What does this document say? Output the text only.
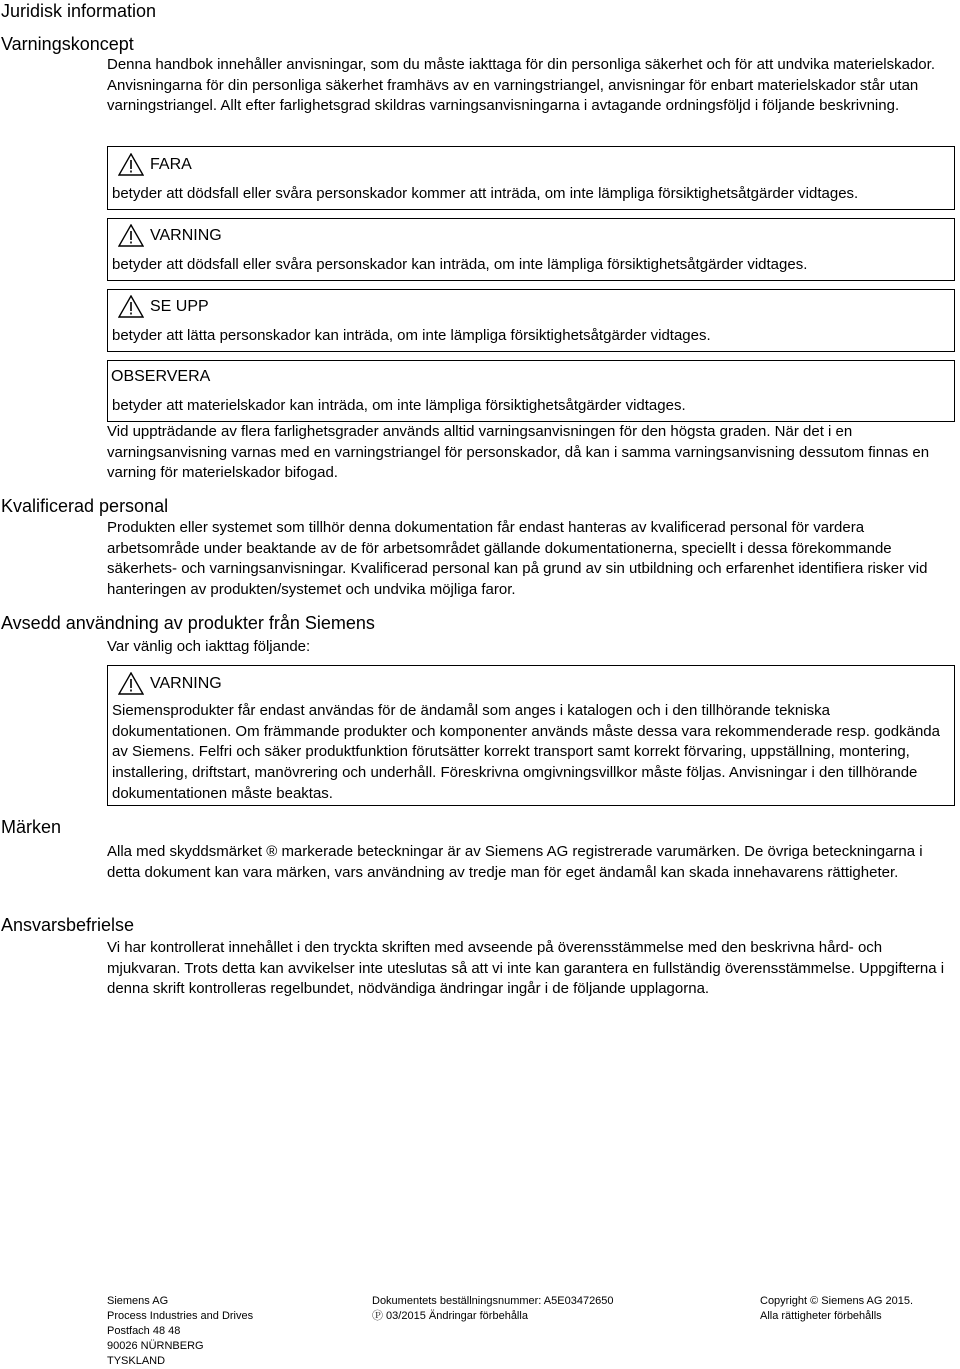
Juridisk information
Varningskoncept
Denna handbok innehåller anvisningar, som du måste iakttaga för din personliga säkerhet och för att undvika materielskador. Anvisningarna för din personliga säkerhet framhävs av en varningstriangel, anvisningar för enbart materielskador står utan varningstriangel. Allt efter farlighetsgrad skildras varningsanvisningarna i avtagande ordningsföljd i följande beskrivning.
FARA
betyder att dödsfall eller svåra personskador kommer att inträda, om inte lämpliga försiktighetsåtgärder vidtages.
VARNING
betyder att dödsfall eller svåra personskador kan inträda, om inte lämpliga försiktighetsåtgärder vidtages.
SE UPP
betyder att lätta personskador kan inträda, om inte lämpliga försiktighetsåtgärder vidtages.
OBSERVERA
betyder att materielskador kan inträda, om inte lämpliga försiktighetsåtgärder vidtages.
Vid uppträdande av flera farlighetsgrader används alltid varningsanvisningen för den högsta graden. När det i en varningsanvisning varnas med en varningstriangel för personskador, då kan i samma varningsanvisning dessutom finnas en varning för materielskador bifogad.
Kvalificerad personal
Produkten eller systemet som tillhör denna dokumentation får endast hanteras av kvalificerad personal för vardera arbetsområde under beaktande av de för arbetsområdet gällande dokumentationerna, speciellt i dessa förekommande säkerhets- och varningsanvisningar. Kvalificerad personal kan på grund av sin utbildning och erfarenhet identifiera risker vid hanteringen av produkten/systemet och undvika möjliga faror.
Avsedd användning av produkter från Siemens
Var vänlig och iakttag följande:
VARNING
Siemensprodukter får endast användas för de ändamål som anges i katalogen och i den tillhörande tekniska dokumentationen. Om främmande produkter och komponenter används måste dessa vara rekommenderade resp. godkända av Siemens. Felfri och säker produktfunktion förutsätter korrekt transport samt korrekt förvaring, uppställning, montering, installering, driftstart, manövrering och underhåll. Föreskrivna omgivningsvillkor måste följas. Anvisningar i den tillhörande dokumentationen måste beaktas.
Märken
Alla med skyddsmärket ® markerade beteckningar är av Siemens AG registrerade varumärken. De övriga beteckningarna i detta dokument kan vara märken, vars användning av tredje man för eget ändamål kan skada innehavarens rättigheter.
Ansvarsbefrielse
Vi har kontrollerat innehållet i den tryckta skriften med avseende på överensstämmelse med den beskrivna hård- och mjukvaran. Trots detta kan avvikelser inte uteslutas så att vi inte kan garantera en fullständig överensstämmelse. Uppgifterna i denna skrift kontrolleras regelbundet, nödvändiga ändringar ingår i de följande upplagorna.
Siemens AG
Process Industries and Drives
Postfach 48 48
90026 NÜRNBERG
TYSKLAND
Dokumentets beställningsnummer: A5E03472650
Ⓟ 03/2015 Ändringar förbehålla
Copyright © Siemens AG 2015.
Alla rättigheter förbehålls
